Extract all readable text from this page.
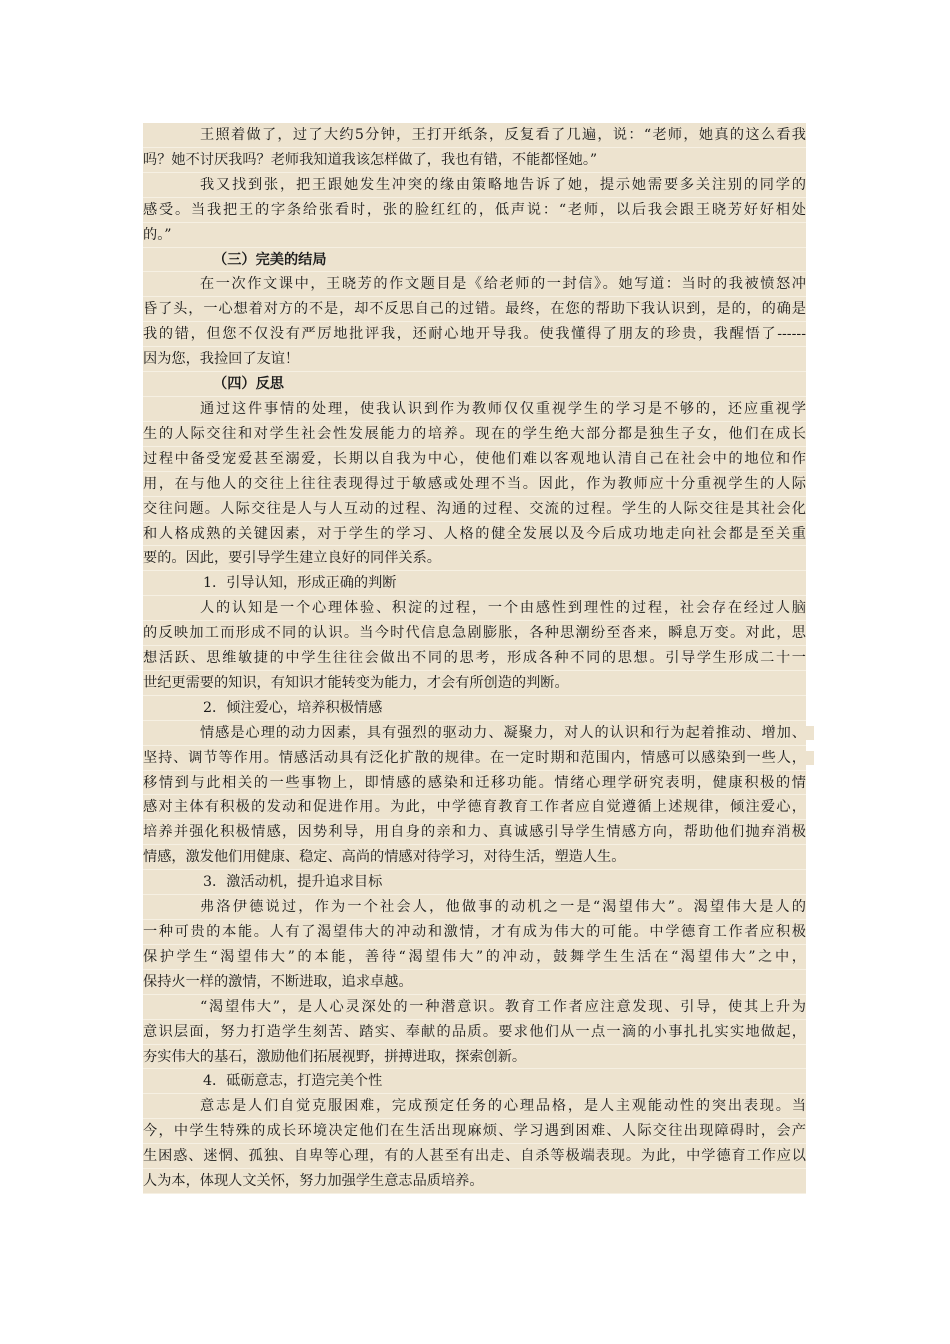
王照着做了，过了大约5分钟，王打开纸条，反复看了几遍，说：“老师，她真的这么看我
吗？她不讨厌我吗？老师我知道我该怎样做了，我也有错，不能都怪她。”
我又找到张，把王跟她发生冲突的缘由策略地告诉了她，提示她需要多关注别的同学的
感受。当我把王的字条给张看时，张的脸红红的，低声说：“老师，以后我会跟王晓芳好好相处
的。”
（三）完美的结局
在一次作文课中，王晓芳的作文题目是《给老师的一封信》。她写道：当时的我被愤怒冲
昏了头，一心想着对方的不是，却不反思自己的过错。最终，在您的帮助下我认识到，是的，的确是
我的错，但您不仅没有严厉地批评我，还耐心地开导我。使我懂得了朋友的珍贵，我醒悟了------
因为您，我捡回了友谊！
（四）反思
通过这件事情的处理，使我认识到作为教师仅仅重视学生的学习是不够的，还应重视学
生的人际交往和对学生社会性发展能力的培养。现在的学生绝大部分都是独生子女，他们在成长
过程中备受宠爱甚至溺爱，长期以自我为中心，使他们难以客观地认清自己在社会中的地位和作
用，在与他人的交往上往往表现得过于敏感或处理不当。因此，作为教师应十分重视学生的人际
交往问题。人际交往是人与人互动的过程、沟通的过程、交流的过程。学生的人际交往是其社会化
和人格成熟的关键因素，对于学生的学习、人格的健全发展以及今后成功地走向社会都是至关重
要的。因此，要引导学生建立良好的同伴关系。
1．引导认知，形成正确的判断
人的认知是一个心理体验、积淀的过程，一个由感性到理性的过程，社会存在经过人脑
的反映加工而形成不同的认识。当今时代信息急剧膨胀，各种思潮纷至沓来，瞬息万变。对此，思
想活跃、思维敏捷的中学生往往会做出不同的思考，形成各种不同的思想。引导学生形成二十一
世纪更需要的知识，有知识才能转变为能力，才会有所创造的判断。
2．倾注爱心，培养积极情感
情感是心理的动力因素，具有强烈的驱动力、凝聚力，对人的认识和行为起着推动、增加、
坚持、调节等作用。情感活动具有泛化扩散的规律。在一定时期和范围内，情感可以感染到一些人，
移情到与此相关的一些事物上，即情感的感染和迁移功能。情绪心理学研究表明，健康积极的情
感对主体有积极的发动和促进作用。为此，中学德育教育工作者应自觉遵循上述规律，倾注爱心，
培养并强化积极情感，因势利导，用自身的亲和力、真诚感引导学生情感方向，帮助他们抛弃消极
情感，激发他们用健康、稳定、高尚的情感对待学习，对待生活，塑造人生。
3．激活动机，提升追求目标
弗洛伊德说过，作为一个社会人，他做事的动机之一是“渴望伟大”。渴望伟大是人的
一种可贵的本能。人有了渴望伟大的冲动和激情，才有成为伟大的可能。中学德育工作者应积极
保护学生“渴望伟大”的本能，善待“渴望伟大”的冲动，鼓舞学生生活在“渴望伟大”之中，
保持火一样的激情，不断进取，追求卓越。
“渴望伟大”，是人心灵深处的一种潜意识。教育工作者应注意发现、引导，使其上升为
意识层面，努力打造学生刻苦、踏实、奉献的品质。要求他们从一点一滴的小事扎扎实实地做起，
夯实伟大的基石，激励他们拓展视野，拼搏进取，探索创新。
4．砥砺意志，打造完美个性
意志是人们自觉克服困难，完成预定任务的心理品格，是人主观能动性的突出表现。当
今，中学生特殊的成长环境决定他们在生活出现麻烦、学习遇到困难、人际交往出现障碍时，会产
生困惑、迷惘、孤独、自卑等心理，有的人甚至有出走、自杀等极端表现。为此，中学德育工作应以
人为本，体现人文关怀，努力加强学生意志品质培养。
